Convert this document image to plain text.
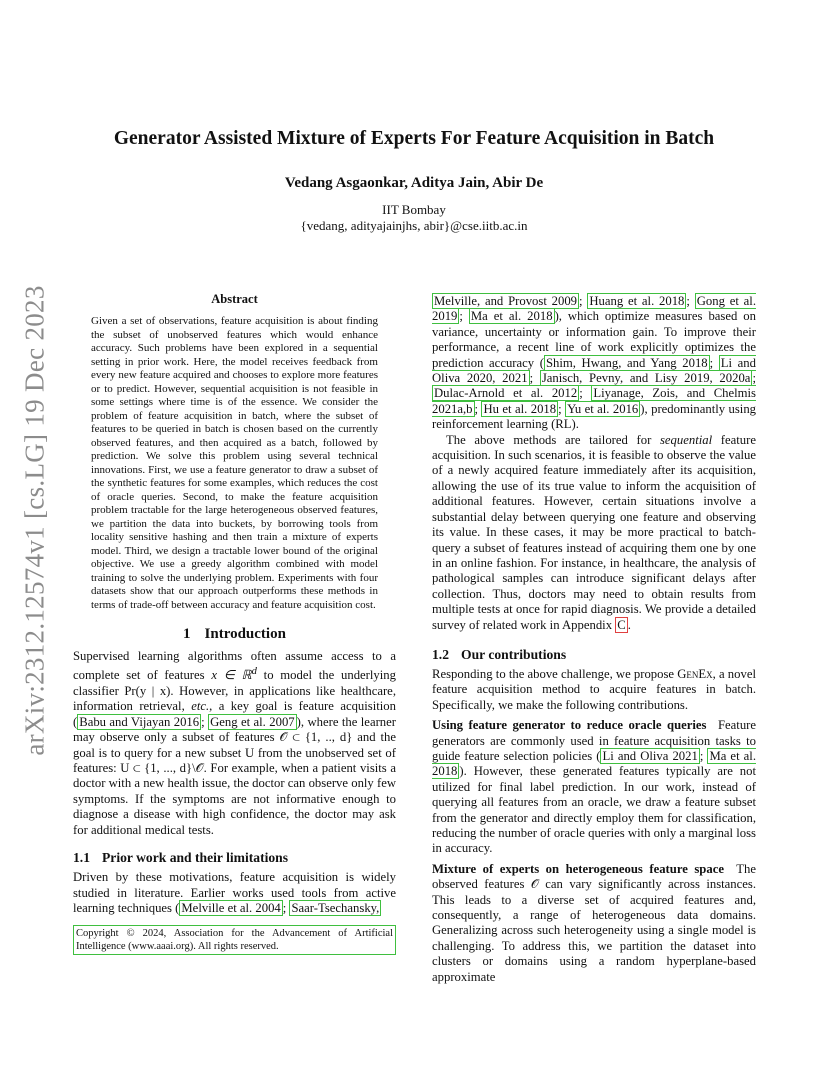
arXiv:2312.12574v1 [cs.LG] 19 Dec 2023
Generator Assisted Mixture of Experts For Feature Acquisition in Batch
Vedang Asgaonkar, Aditya Jain, Abir De
IIT Bombay
{vedang, adityajainjhs, abir}@cse.iitb.ac.in
Abstract
Given a set of observations, feature acquisition is about finding the subset of unobserved features which would enhance accuracy. Such problems have been explored in a sequential setting in prior work. Here, the model receives feedback from every new feature acquired and chooses to explore more features or to predict. However, sequential acquisition is not feasible in some settings where time is of the essence. We consider the problem of feature acquisition in batch, where the subset of features to be queried in batch is chosen based on the currently observed features, and then acquired as a batch, followed by prediction. We solve this problem using several technical innovations. First, we use a feature generator to draw a subset of the synthetic features for some examples, which reduces the cost of oracle queries. Second, to make the feature acquisition problem tractable for the large heterogeneous observed features, we partition the data into buckets, by borrowing tools from locality sensitive hashing and then train a mixture of experts model. Third, we design a tractable lower bound of the original objective. We use a greedy algorithm combined with model training to solve the underlying problem. Experiments with four datasets show that our approach outperforms these methods in terms of trade-off between accuracy and feature acquisition cost.
1 Introduction

Supervised learning algorithms often assume access to a complete set of features x ∈ ℝ$^d$ to model the underlying classifier Pr(y | x). However, in applications like healthcare, information retrieval, etc., a key goal is feature acquisition ( Babu and Vijayan 2016 ; Geng et al. 2007 ), where the learner may observe only a subset of features 𝒪 ⊂ {1, .., d} and the goal is to query for a new subset U from the unobserved set of features: U ⊂ {1, ..., d}\𝒪. For example, when a patient visits a doctor with a new health issue, the doctor can observe only few symptoms. If the symptoms are not informative enough to diagnose a disease with high confidence, the doctor may ask for additional medical tests.

1.1 Prior work and their limitations

Driven by these motivations, feature acquisition is widely studied in literature. Earlier works used tools from active learning techniques ( Melville et al. 2004 ; Saar-Tsechansky,

Copyright © 2024, Association for the Advancement of Artificial Intelligence (www.aaai.org). All rights reserved.

Melville, and Provost 2009 ; Huang et al. 2018 ; Gong et al. 2019 ; Ma et al. 2018 ), which optimize measures based on variance, uncertainty or information gain. To improve their performance, a recent line of work explicitly optimizes the prediction accuracy ( Shim, Hwang, and Yang 2018 ; Li and Oliva 2020, 2021 ; Janisch, Pevny, and Lisy 2019, 2020a ; Dulac-Arnold et al. 2012 ; Liyanage, Zois, and Chelmis 2021a,b ; Hu et al. 2018 ; Yu et al. 2016 ), predominantly using reinforcement learning (RL).

The above methods are tailored for sequential feature acquisition. In such scenarios, it is feasible to observe the value of a newly acquired feature immediately after its acquisition, allowing the use of its true value to inform the acquisition of additional features. However, certain situations involve a substantial delay between querying one feature and observing its value. In these cases, it may be more practical to batch-query a subset of features instead of acquiring them one by one in an online fashion. For instance, in healthcare, the analysis of pathological samples can introduce significant delays after collection. Thus, doctors may need to obtain results from multiple tests at once for rapid diagnosis. We provide a detailed survey of related work in Appendix C .

1.2 Our contributions

Responding to the above challenge, we propose GenEx, a novel feature acquisition method to acquire features in batch. Specifically, we make the following contributions.

Using feature generator to reduce oracle queries Feature generators are commonly used in feature acquisition tasks to guide feature selection policies ( Li and Oliva 2021 ; Ma et al. 2018 ). However, these generated features typically are not utilized for final label prediction. In our work, instead of querying all features from an oracle, we draw a feature subset from the generator and directly employ them for classification, reducing the number of oracle queries with only a marginal loss in accuracy.

Mixture of experts on heterogeneous feature space The observed features 𝒪 can vary significantly across instances. This leads to a diverse set of acquired features and, consequently, a range of heterogeneous data domains. Generalizing across such heterogeneity using a single model is challenging. To address this, we partition the dataset into clusters or domains using a random hyperplane-based approximate
